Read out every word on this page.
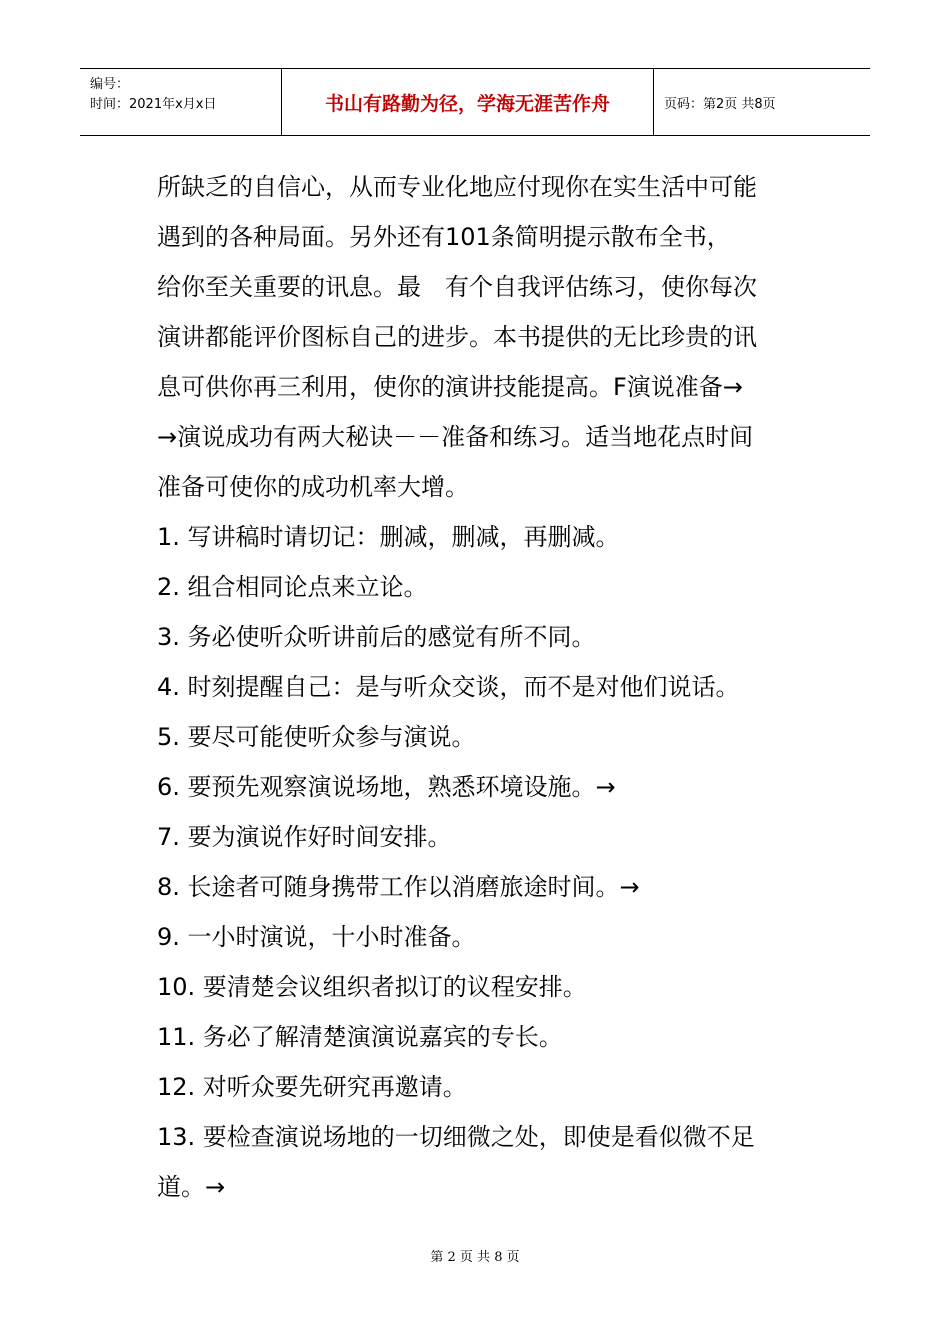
编号：
时间：2021年x月x日	书山有路勤为径，学海无涯苦作舟	页码：第2页 共8页
所缺乏的自信心，从而专业化地应付现你在实生活中可能
遇到的各种局面。另外还有101条简明提示散布全书，
给你至关重要的讯息。最　有个自我评估练习，使你每次
演讲都能评价图标自己的进步。本书提供的无比珍贵的讯
息可供你再三利用，使你的演讲技能提高。F演说准备→
→演说成功有两大秘诀－－准备和练习。适当地花点时间
准备可使你的成功机率大增。
1. 写讲稿时请切记：删减，删减，再删减。
2. 组合相同论点来立论。
3. 务必使听众听讲前后的感觉有所不同。
4. 时刻提醒自己：是与听众交谈，而不是对他们说话。
5. 要尽可能使听众参与演说。
6. 要预先观察演说场地，熟悉环境设施。→
7. 要为演说作好时间安排。
8. 长途者可随身携带工作以消磨旅途时间。→
9. 一小时演说，十小时准备。
10. 要清楚会议组织者拟订的议程安排。
11. 务必了解清楚演演说嘉宾的专长。
12. 对听众要先研究再邀请。
13. 要检查演说场地的一切细微之处，即使是看似微不足
道。→
第 2 页 共 8 页
